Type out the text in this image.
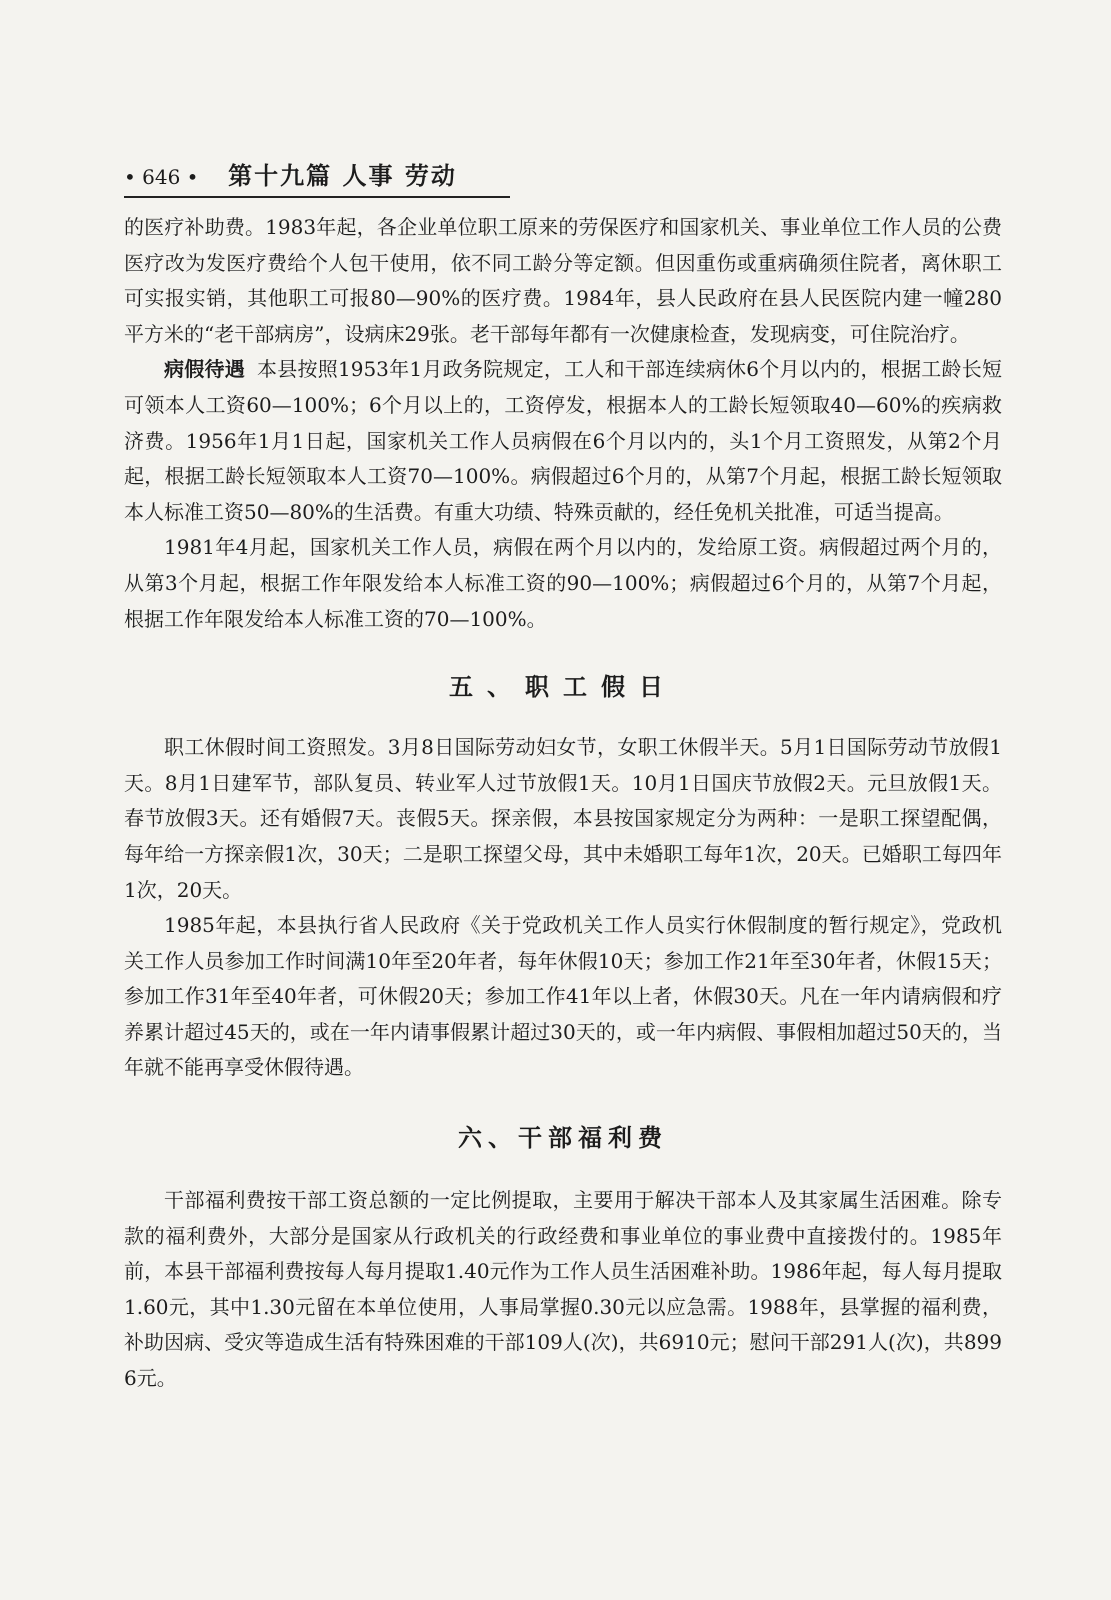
• 646 • 第十九篇 人事 劳动

的医疗补助费。1983年起，各企业单位职工原来的劳保医疗和国家机关、事业单位工作人员的公费医疗改为发医疗费给个人包干使用，依不同工龄分等定额。但因重伤或重病确须住院者，离休职工可实报实销，其他职工可报80—90%的医疗费。1984年，县人民政府在县人民医院内建一幢280平方米的“老干部病房”，设病床29张。老干部每年都有一次健康检查，发现病变，可住院治疗。

病假待遇 本县按照1953年1月政务院规定，工人和干部连续病休6个月以内的，根据工龄长短可领本人工资60—100%；6个月以上的，工资停发，根据本人的工龄长短领取40—60%的疾病救济费。1956年1月1日起，国家机关工作人员病假在6个月以内的，头1个月工资照发，从第2个月起，根据工龄长短领取本人工资70—100%。病假超过6个月的，从第7个月起，根据工龄长短领取本人标准工资50—80%的生活费。有重大功绩、特殊贡献的，经任免机关批准，可适当提高。

1981年4月起，国家机关工作人员，病假在两个月以内的，发给原工资。病假超过两个月的，从第3个月起，根据工作年限发给本人标准工资的90—100%；病假超过6个月的，从第7个月起，根据工作年限发给本人标准工资的70—100%。

五、职工假日

职工休假时间工资照发。3月8日国际劳动妇女节，女职工休假半天。5月1日国际劳动节放假1天。8月1日建军节，部队复员、转业军人过节放假1天。10月1日国庆节放假2天。元旦放假1天。春节放假3天。还有婚假7天。丧假5天。探亲假，本县按国家规定分为两种：一是职工探望配偶，每年给一方探亲假1次，30天；二是职工探望父母，其中未婚职工每年1次，20天。已婚职工每四年1次，20天。

1985年起，本县执行省人民政府《关于党政机关工作人员实行休假制度的暂行规定》，党政机关工作人员参加工作时间满10年至20年者，每年休假10天；参加工作21年至30年者，休假15天；参加工作31年至40年者，可休假20天；参加工作41年以上者，休假30天。凡在一年内请病假和疗养累计超过45天的，或在一年内请事假累计超过30天的，或一年内病假、事假相加超过50天的，当年就不能再享受休假待遇。

六、干部福利费

干部福利费按干部工资总额的一定比例提取，主要用于解决干部本人及其家属生活困难。除专款的福利费外，大部分是国家从行政机关的行政经费和事业单位的事业费中直接拨付的。1985年前，本县干部福利费按每人每月提取1.40元作为工作人员生活困难补助。1986年起，每人每月提取1.60元，其中1.30元留在本单位使用，人事局掌握0.30元以应急需。1988年，县掌握的福利费，补助因病、受灾等造成生活有特殊困难的干部109人(次)，共6910元；慰问干部291人(次)，共8996元。
